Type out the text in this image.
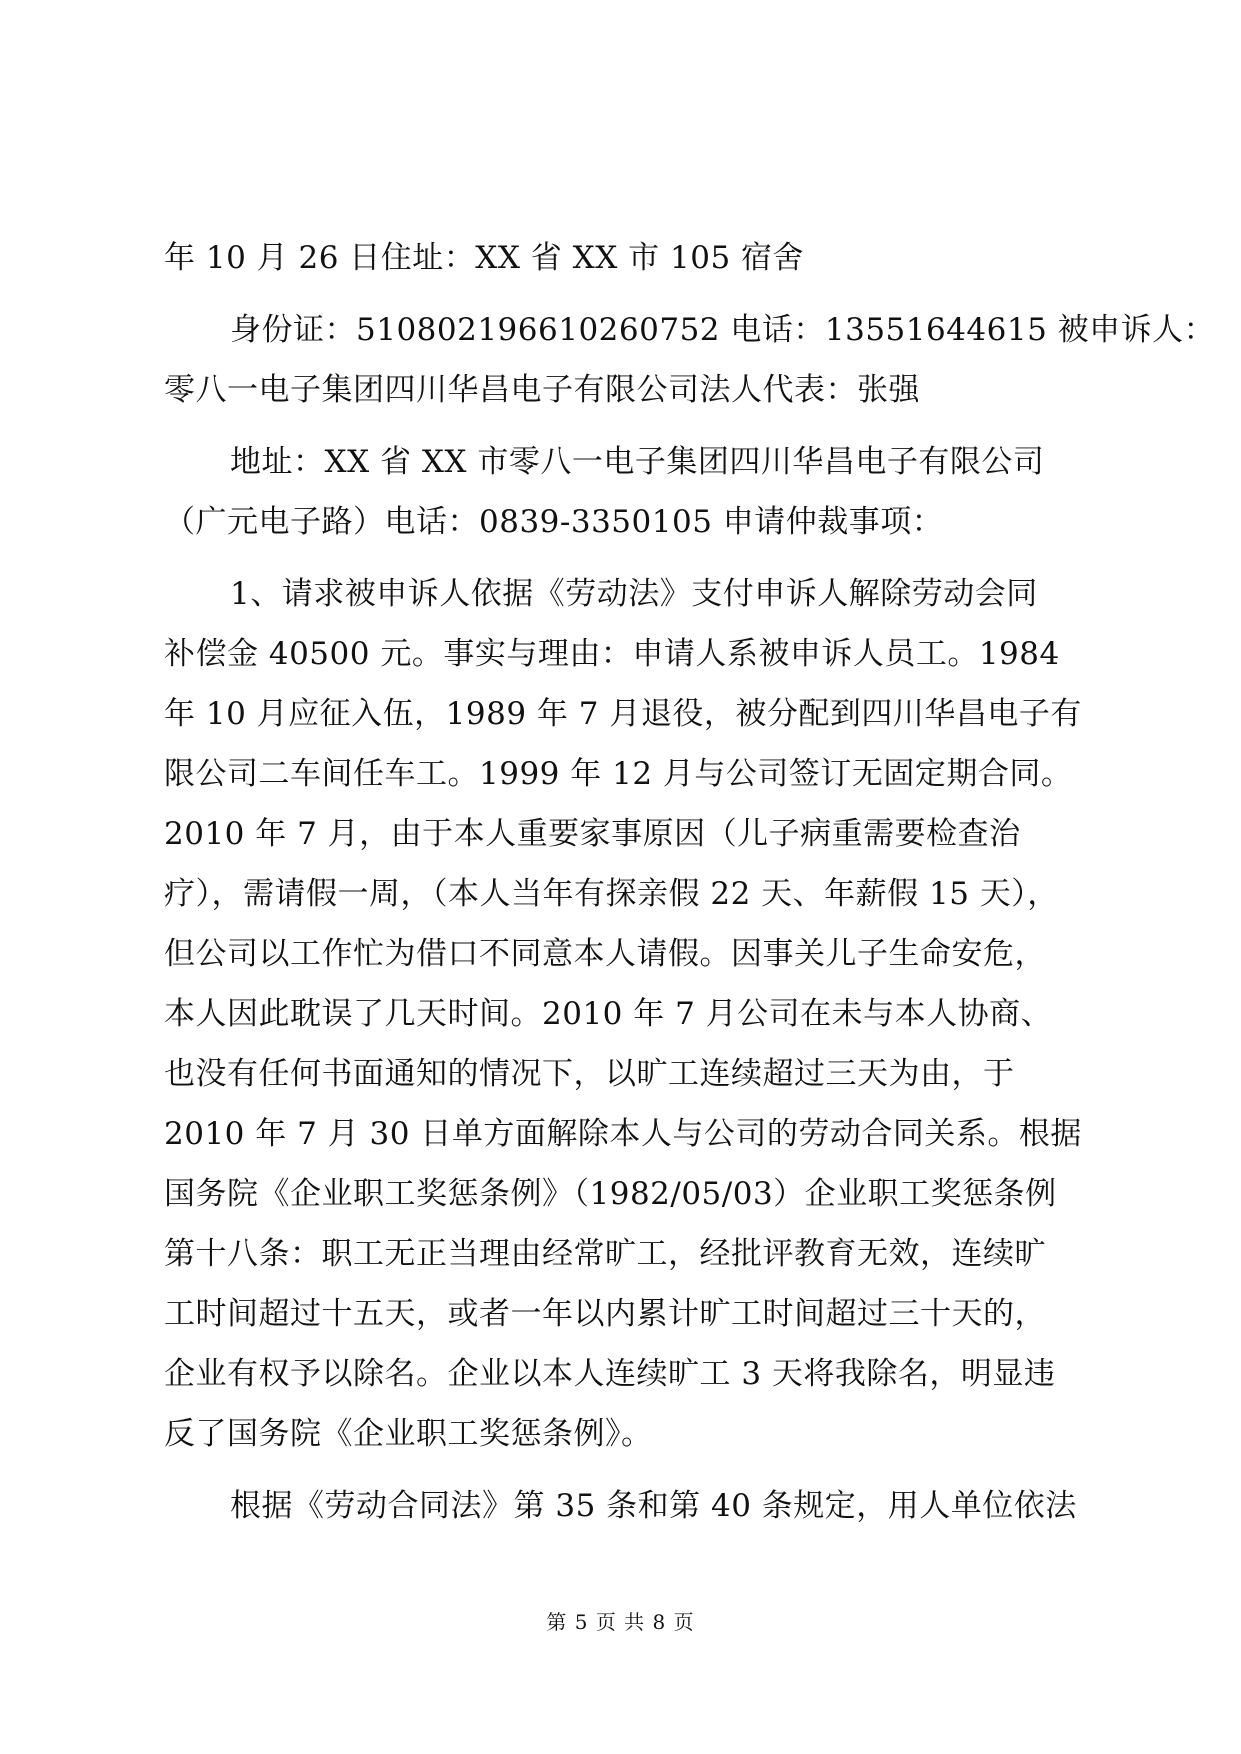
年 10 月 26 日住址：XX 省 XX 市 105 宿舍
身份证：510802196610260752 电话：13551644615 被申诉人：
零八一电子集团四川华昌电子有限公司法人代表：张强
地址：XX 省 XX 市零八一电子集团四川华昌电子有限公司
（广元电子路）电话：0839-3350105 申请仲裁事项：
1、请求被申诉人依据《劳动法》支付申诉人解除劳动会同
补偿金 40500 元。事实与理由：申请人系被申诉人员工。1984
年 10 月应征入伍，1989 年 7 月退役，被分配到四川华昌电子有
限公司二车间任车工。1999 年 12 月与公司签订无固定期合同。
2010 年 7 月，由于本人重要家事原因（儿子病重需要检查治
疗），需请假一周，（本人当年有探亲假 22 天、年薪假 15 天），
但公司以工作忙为借口不同意本人请假。因事关儿子生命安危，
本人因此耽误了几天时间。2010 年 7 月公司在未与本人协商、
也没有任何书面通知的情况下，以旷工连续超过三天为由，于
2010 年 7 月 30 日单方面解除本人与公司的劳动合同关系。根据
国务院《企业职工奖惩条例》（1982/05/03）企业职工奖惩条例
第十八条：职工无正当理由经常旷工，经批评教育无效，连续旷
工时间超过十五天，或者一年以内累计旷工时间超过三十天的，
企业有权予以除名。企业以本人连续旷工 3 天将我除名，明显违
反了国务院《企业职工奖惩条例》。
根据《劳动合同法》第 35 条和第 40 条规定，用人单位依法
第 5 页 共 8 页
